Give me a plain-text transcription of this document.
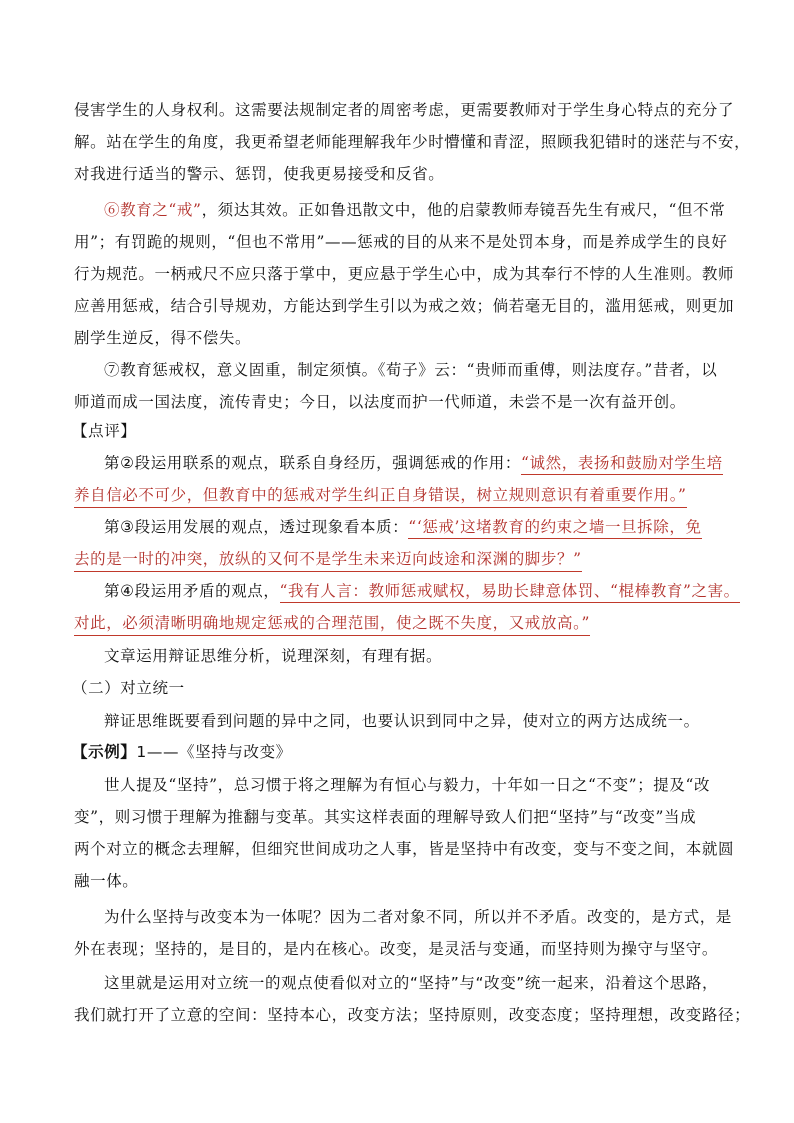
侵害学生的人身权利。这需要法规制定者的周密考虑，更需要教师对于学生身心特点的充分了
解。站在学生的角度，我更希望老师能理解我年少时懵懂和青涩，照顾我犯错时的迷茫与不安，
对我进行适当的警示、惩罚，使我更易接受和反省。
⑥教育之“戒”，须达其效。正如鲁迅散文中，他的启蒙教师寿镜吾先生有戒尺，“但不常
用”；有罚跪的规则，“但也不常用”——惩戒的目的从来不是处罚本身，而是养成学生的良好
行为规范。一柄戒尺不应只落于掌中，更应悬于学生心中，成为其奉行不悖的人生准则。教师
应善用惩戒，结合引导规劝，方能达到学生引以为戒之效；倘若毫无目的，滥用惩戒，则更加
剧学生逆反，得不偿失。
⑦教育惩戒权，意义固重，制定须慎。《荀子》云：“贵师而重傅，则法度存。”昔者，以
师道而成一国法度，流传青史；今日，以法度而护一代师道，未尝不是一次有益开创。
【点评】
第②段运用联系的观点，联系自身经历，强调惩戒的作用：“诚然，表扬和鼓励对学生培
养自信必不可少，但教育中的惩戒对学生纠正自身错误，树立规则意识有着重要作用。”
第③段运用发展的观点，透过现象看本质：“‘惩戒’这堵教育的约束之墙一旦拆除，免
去的是一时的冲突，放纵的又何不是学生未来迈向歧途和深渊的脚步？”
第④段运用矛盾的观点，“我有人言：教师惩戒赋权，易助长肆意体罚、“棍棒教育”之害。
对此，必须清晰明确地规定惩戒的合理范围，使之既不失度，又戒放高。”
文章运用辩证思维分析，说理深刻，有理有据。
（二）对立统一
辩证思维既要看到问题的异中之同，也要认识到同中之异，使对立的两方达成统一。
【示例】1——《坚持与改变》
世人提及“坚持”，总习惯于将之理解为有恒心与毅力，十年如一日之“不变”；提及“改
变”，则习惯于理解为推翻与变革。其实这样表面的理解导致人们把“坚持”与“改变”当成
两个对立的概念去理解，但细究世间成功之人事，皆是坚持中有改变，变与不变之间，本就圆
融一体。
为什么坚持与改变本为一体呢？因为二者对象不同，所以并不矛盾。改变的，是方式，是
外在表现；坚持的，是目的，是内在核心。改变，是灵活与变通，而坚持则为操守与坚守。
这里就是运用对立统一的观点使看似对立的“坚持”与“改变”统一起来，沿着这个思路，
我们就打开了立意的空间：坚持本心，改变方法；坚持原则，改变态度；坚持理想，改变路径；
